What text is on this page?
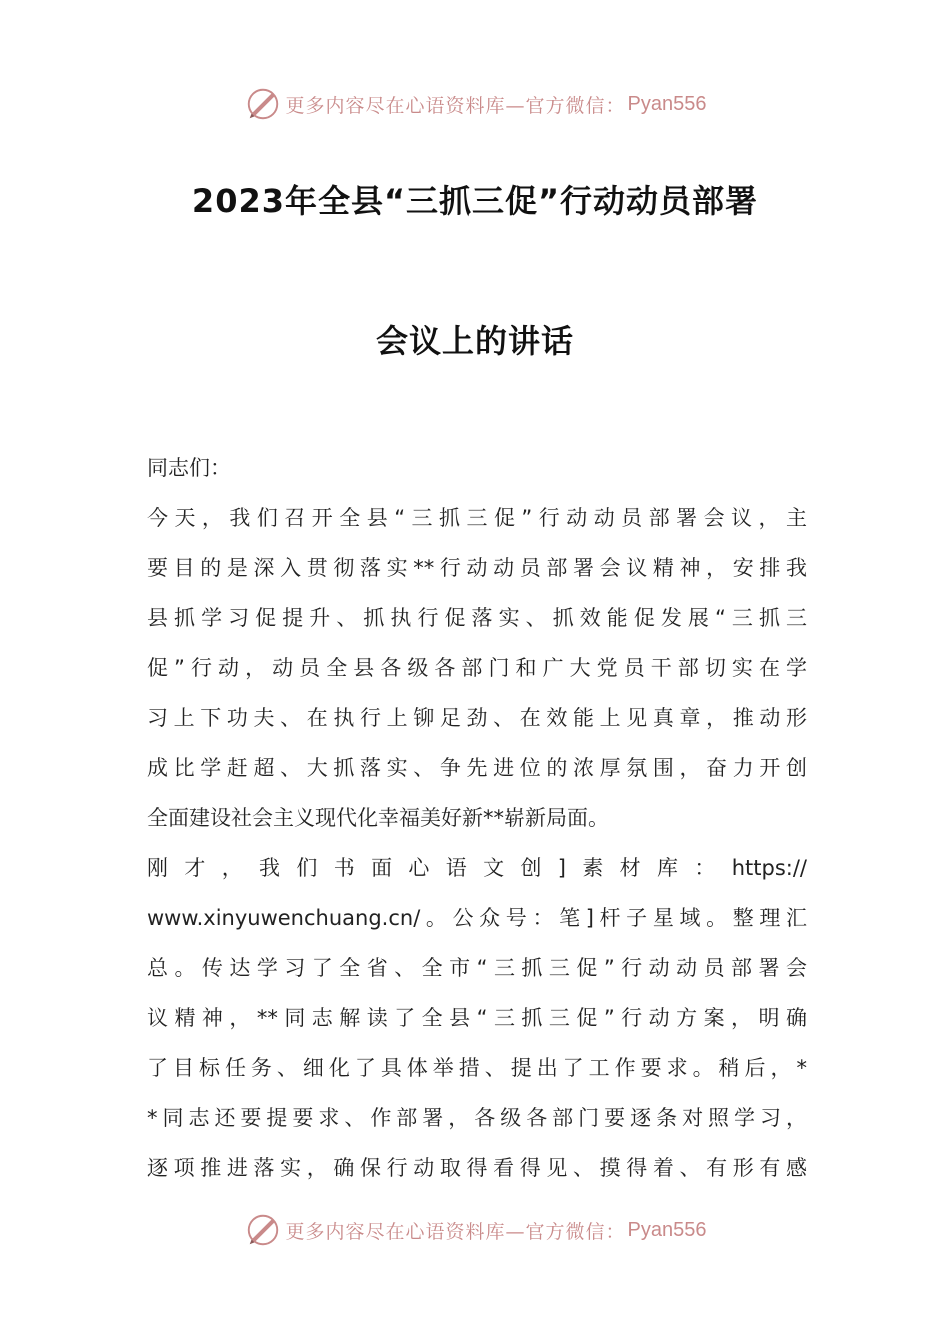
更多内容尽在心语资料库—官方微信： Pyan556
2023年全县“三抓三促”行动动员部署
会议上的讲话
同志们：
今天，我们召开全县“三抓三促”行动动员部署会议，主
要目的是深入贯彻落实**行动动员部署会议精神，安排我
县抓学习促提升、抓执行促落实、抓效能促发展“三抓三
促”行动，动员全县各级各部门和广大党员干部切实在学
习上下功夫、在执行上铆足劲、在效能上见真章，推动形
成比学赶超、大抓落实、争先进位的浓厚氛围，奋力开创
全面建设社会主义现代化幸福美好新**崭新局面。
刚才，我们书面心语文创]素材库：https://
www.xinyuwenchuang.cn/。公众号：笔]杆子星域。整理汇
总。传达学习了全省、全市“三抓三促”行动动员部署会
议精神，**同志解读了全县“三抓三促”行动方案，明确
了目标任务、细化了具体举措、提出了工作要求。稍后，*
*同志还要提要求、作部署，各级各部门要逐条对照学习，
逐项推进落实，确保行动取得看得见、摸得着、有形有感
更多内容尽在心语资料库—官方微信： Pyan556
